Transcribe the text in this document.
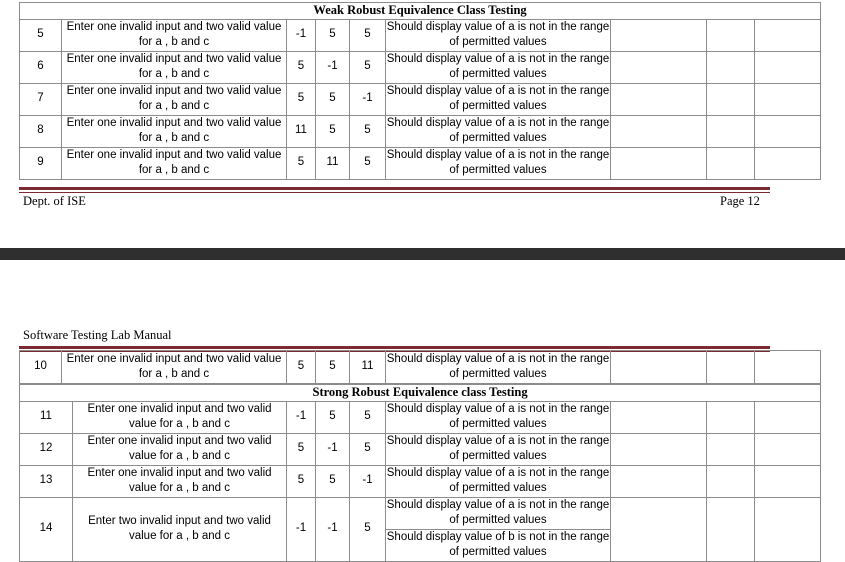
Weak Robust Equivalence Class Testing								
5	Enter one invalid input and two valid value for a , b and c	-1	5	5	Should display value of a is not in the range of permitted values			
6	Enter one invalid input and two valid value for a , b and c	5	-1	5	Should display value of a is not in the range of permitted values			
7	Enter one invalid input and two valid value for a , b and c	5	5	-1	Should display value of a is not in the range of permitted values			
8	Enter one invalid input and two valid value for a , b and c	11	5	5	Should display value of a is not in the range of permitted values			
9	Enter one invalid input and two valid value for a , b and c	5	11	5	Should display value of a is not in the range of permitted values			
Dept. of ISE	Page 12
Software Testing Lab Manual
10	Enter one invalid input and two valid value for a , b and c	5	5	11	Should display value of a is not in the range of permitted values			
Strong Robust Equivalence class Testing								
11	Enter one invalid input and two valid value for a , b and c	-1	5	5	Should display value of a is not in the range of permitted values			
12	Enter one invalid input and two valid value for a , b and c	5	-1	5	Should display value of a is not in the range of permitted values			
13	Enter one invalid input and two valid value for a , b and c	5	5	-1	Should display value of a is not in the range of permitted values			
14	Enter two invalid input and two valid value for a , b and c	-1	-1	5	Should display value of a is not in the range of permitted values			
					Should display value of b is not in the range of permitted values			
